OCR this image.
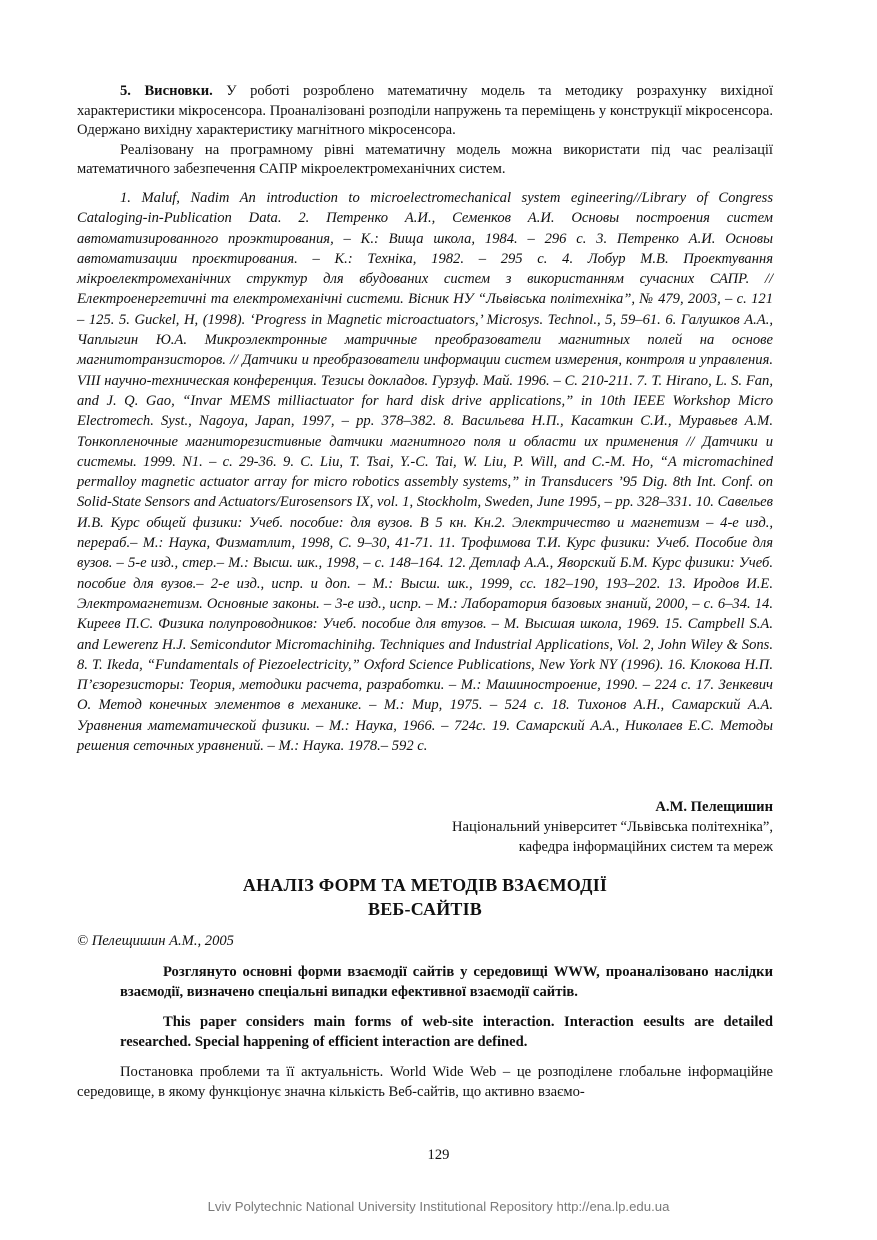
5. Висновки. У роботі розроблено математичну модель та методику розрахунку вихідної характеристики мікросенсора. Проаналізовані розподіли напружень та переміщень у конструкції мікросенсора. Одержано вихідну характеристику магнітного мікросенсора.

Реалізовану на програмному рівні математичну модель можна використати під час реалізації математичного забезпечення САПР мікроелектромеханічних систем.

1. Maluf, Nadim An introduction to microelectromechanical system egineering//Library of Congress Cataloging-in-Publication Data. 2. Петренко А.И., Семенков А.И. Основы построения систем автоматизированного проэктирования, – К.: Вища школа, 1984. – 296 с. 3. Петренко А.И. Основы автоматизации проєктирования. – К.: Техніка, 1982. – 295 с. 4. Лобур М.В. Проектування мікроелектромеханічних структур для вбудованих систем з використанням сучасних САПР. // Електроенергетичні та електромеханічні системи. Вісник НУ “Львівська політехніка”, № 479, 2003, – с. 121 – 125. 5. Guckel, H, (1998). ‘Progress in Magnetic microactuators,’ Microsys. Technol., 5, 59–61. 6. Галушков А.А., Чаплыгин Ю.А. Микроэлектронные матричные преобразователи магнитных полей на основе магнитотранзисторов. // Датчики и преобразователи информации систем измерения, контроля и управления. VIII научно-техническая конференция. Тезисы докладов. Гурзуф. Май. 1996. – С. 210-211. 7. T. Hirano, L. S. Fan, and J. Q. Gao, “Invar MEMS milliactuator for hard disk drive applications,” in 10th IEEE Workshop Micro Electromech. Syst., Nagoya, Japan, 1997, – pp. 378–382. 8. Васильева Н.П., Касаткин С.И., Муравьев А.М. Тонкопленочные магниторезистивные датчики магнитного поля и области их применения // Датчики и системы. 1999. N1. – с. 29-36. 9. C. Liu, T. Tsai, Y.-C. Tai, W. Liu, P. Will, and C.-M. Ho, “A micromachined permalloy magnetic actuator array for micro robotics assembly systems,” in Transducers ’95 Dig. 8th Int. Conf. on Solid-State Sensors and Actuators/Eurosensors IX, vol. 1, Stockholm, Sweden, June 1995, – pp. 328–331. 10. Савельев И.В. Курс общей физики: Учеб. пособие: для вузов. В 5 кн. Кн.2. Электричество и магнетизм – 4-е изд., перераб.– М.: Наука, Физматлит, 1998, С. 9–30, 41-71. 11. Трофимова Т.И. Курс физики: Учеб. Пособие для вузов. – 5-е изд., стер.– М.: Высш. шк., 1998, – с. 148–164. 12. Детлаф А.А., Яворский Б.М. Курс физики: Учеб. пособие для вузов.– 2-е изд., испр. и доп. – М.: Высш. шк., 1999, сс. 182–190, 193–202. 13. Иродов И.Е. Электромагнетизм. Основные законы. – 3-е изд., испр. – М.: Лаборатория базовых знаний, 2000, – с. 6–34. 14. Киреев П.С. Физика полупроводников: Учеб. пособие для втузов. – М. Высшая школа, 1969. 15. Campbell S.A. and Lewerenz H.J. Semicondutor Micromachinihg. Techniques and Industrial Applications, Vol. 2, John Wiley & Sons. 8. T. Ikeda, “Fundamentals of Piezoelectricity,” Oxford Science Publications, New York NY (1996). 16. Клокова Н.П. П’єзорезисторы: Теория, методики расчета, разработки. – М.: Машиностроение, 1990. – 224 с. 17. Зенкевич О. Метод конечных элементов в механике. – М.: Мир, 1975. – 524 с. 18. Тихонов А.Н., Самарский А.А. Уравнения математической физики. – М.: Наука, 1966. – 724с. 19. Самарский А.А., Николаев Е.С. Методы решения сеточных уравнений. – М.: Наука. 1978.– 592 с.

А.М. Пелещишин
Національний університет “Львівська політехніка”,
кафедра інформаційних систем та мереж
АНАЛІЗ ФОРМ ТА МЕТОДІВ ВЗАЄМОДІЇ
ВЕБ-САЙТІВ
© Пелещишин А.М., 2005

Розглянуто основні форми взаємодії сайтів у середовищі WWW, проаналізовано наслідки взаємодії, визначено спеціальні випадки ефективної взаємодії сайтів.

This paper considers main forms of web-site interaction. Interaction eesults are detailed researched. Special happening of efficient interaction are defined.

Постановка проблеми та її актуальність. World Wide Web – це розподілене глобальне інформаційне середовище, в якому функціонує значна кількість Веб-сайтів, що активно взаємо-

129
Lviv Polytechnic National University Institutional Repository http://ena.lp.edu.ua
